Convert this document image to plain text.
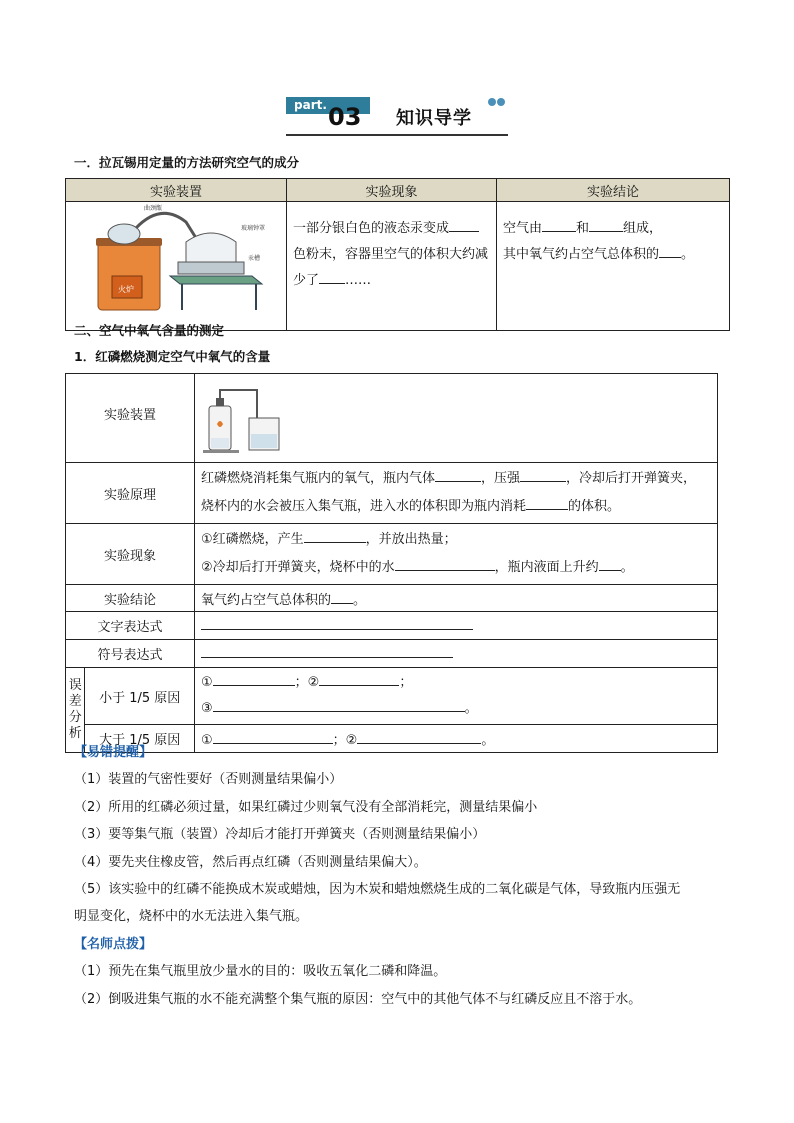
part. 03 知识导学
一．拉瓦锡用定量的方法研究空气的成分
实验装置	实验现象	实验结论

火炉
曲颈甑
玻璃钟罩
汞槽	一部分银白色的液态汞变成色粉末，容器里空气的体积大约减少了 ……	空气由 和 组成，
其中氧气约占空气总体积的 。
二、空气中氧气含量的测定
1．红磷燃烧测定空气中氧气的含量
实验装置	
实验原理		红磷燃烧消耗集气瓶内的氧气，瓶内气体 ，压强 ，冷却后打开弹簧夹，
烧杯内的水会被压入集气瓶，进入水的体积即为瓶内消耗 的体积。
实验现象		①红磷燃烧，产生 ，并放出热量；
②冷却后打开弹簧夹，烧杯中的水 ，瓶内液面上升约 。
实验结论		氧气约占空气总体积的 。
文字表达式		
符号表达式		
误差分析	小于 1/5 原因	① ；② ；
③ 。
	大于 1/5 原因	① ；② 。
【易错提醒】
（1）装置的气密性要好（否则测量结果偏小）
（2）所用的红磷必须过量，如果红磷过少则氧气没有全部消耗完，测量结果偏小
（3）要等集气瓶（装置）冷却后才能打开弹簧夹（否则测量结果偏小）
（4）要先夹住橡皮管，然后再点红磷（否则测量结果偏大）。
（5）该实验中的红磷不能换成木炭或蜡烛，因为木炭和蜡烛燃烧生成的二氧化碳是气体，导致瓶内压强无
明显变化，烧杯中的水无法进入集气瓶。
【名师点拨】
（1）预先在集气瓶里放少量水的目的：吸收五氧化二磷和降温。
（2）倒吸进集气瓶的水不能充满整个集气瓶的原因：空气中的其他气体不与红磷反应且不溶于水。
